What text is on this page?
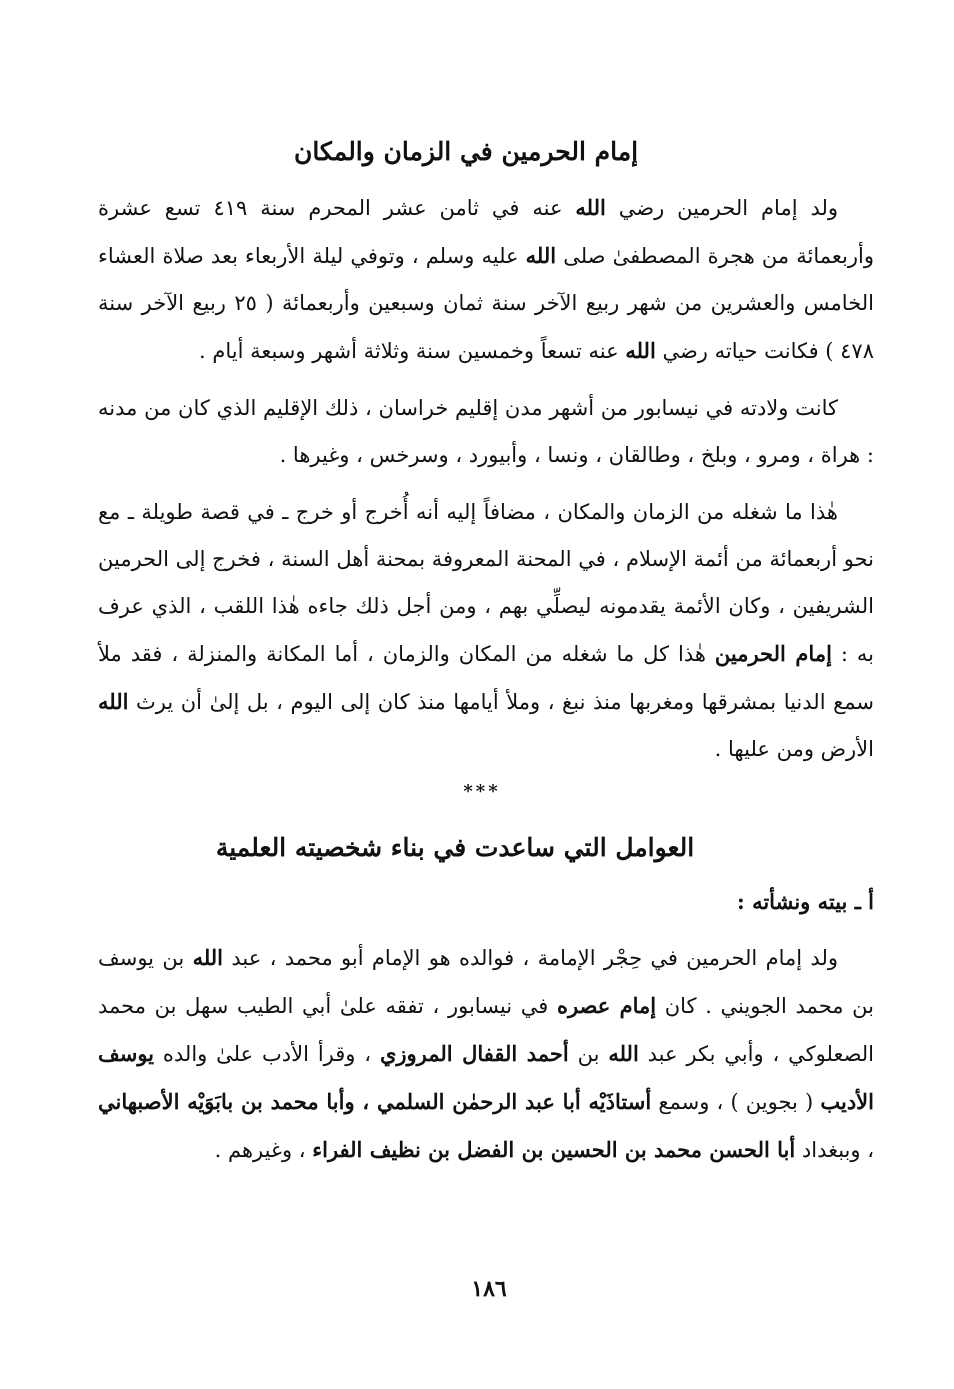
إمام الحرمين في الزمان والمكان

ولد إمام الحرمين رضي الله عنه في ثامن عشر المحرم سنة ٤١٩ تسع عشرة وأربعمائة من هجرة المصطفىٰ صلى الله عليه وسلم ، وتوفي ليلة الأربعاء بعد صلاة العشاء الخامس والعشرين من شهر ربيع الآخر سنة ثمان وسبعين وأربعمائة ( ٢٥ ربيع الآخر سنة ٤٧٨ ) فكانت حياته رضي الله عنه تسعاً وخمسين سنة وثلاثة أشهر وسبعة أيام .

كانت ولادته في نيسابور من أشهر مدن إقليم خراسان ، ذلك الإقليم الذي كان من مدنه : هراة ، ومرو ، وبلخ ، وطالقان ، ونسا ، وأبيورد ، وسرخس ، وغيرها .

هٰذا ما شغله من الزمان والمكان ، مضافاً إليه أنه أُخرج أو خرج ـ في قصة طويلة ـ مع نحو أربعمائة من أئمة الإسلام ، في المحنة المعروفة بمحنة أهل السنة ، فخرج إلى الحرمين الشريفين ، وكان الأئمة يقدمونه ليصلِّي بهم ، ومن أجل ذلك جاءه هٰذا اللقب ، الذي عرف به : إمام الحرمين هٰذا كل ما شغله من المكان والزمان ، أما المكانة والمنزلة ، فقد ملأ سمع الدنيا بمشرقها ومغربها منذ نبغ ، وملأ أيامها منذ كان إلى اليوم ، بل إلىٰ أن يرث الله الأرض ومن عليها .

***
العوامل التي ساعدت في بناء شخصيته العلمية
أ ـ بيته ونشأته :

ولد إمام الحرمين في حِجْر الإمامة ، فوالده هو الإمام أبو محمد ، عبد الله بن يوسف بن محمد الجويني . كان إمام عصره في نيسابور ، تفقه علىٰ أبي الطيب سهل بن محمد الصعلوكي ، وأبي بكر عبد الله بن أحمد القفال المروزي ، وقرأ الأدب علىٰ والده يوسف الأديب ( بجوين ) ، وسمع أستاذَيْه أبا عبد الرحمٰن السلمي ، وأبا محمد بن بابَوَيْه الأصبهاني ، وببغداد أبا الحسن محمد بن الحسين بن الفضل بن نظيف الفراء ، وغيرهم .

١٨٦
